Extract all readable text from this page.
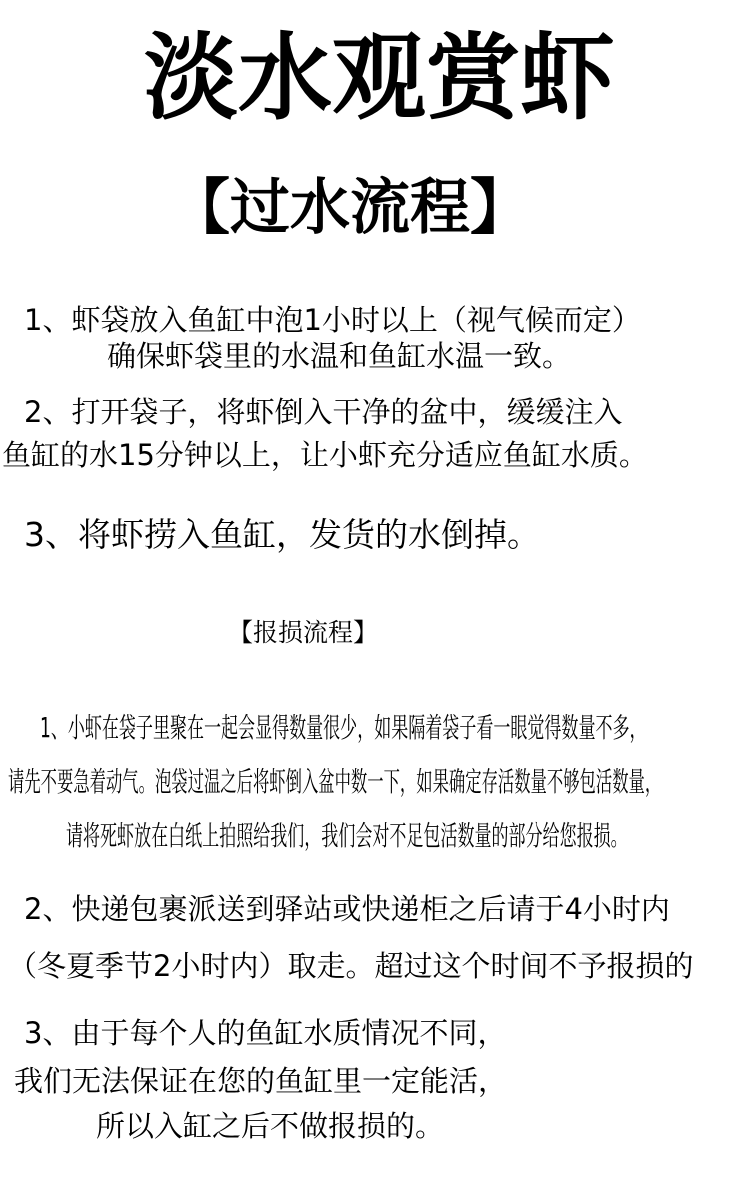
淡水观赏虾
【过水流程】
1、虾袋放入鱼缸中泡1小时以上（视气候而定）
确保虾袋里的水温和鱼缸水温一致。
2、打开袋子，将虾倒入干净的盆中，缓缓注入
鱼缸的水15分钟以上，让小虾充分适应鱼缸水质。
3、将虾捞入鱼缸，发货的水倒掉。
【报损流程】
1、小虾在袋子里聚在一起会显得数量很少，如果隔着袋子看一眼觉得数量不多，
请先不要急着动气。泡袋过温之后将虾倒入盆中数一下，如果确定存活数量不够包活数量，
请将死虾放在白纸上拍照给我们，我们会对不足包活数量的部分给您报损。
2、快递包裹派送到驿站或快递柜之后请于4小时内
（冬夏季节2小时内）取走。超过这个时间不予报损的
3、由于每个人的鱼缸水质情况不同，
我们无法保证在您的鱼缸里一定能活，
所以入缸之后不做报损的。
